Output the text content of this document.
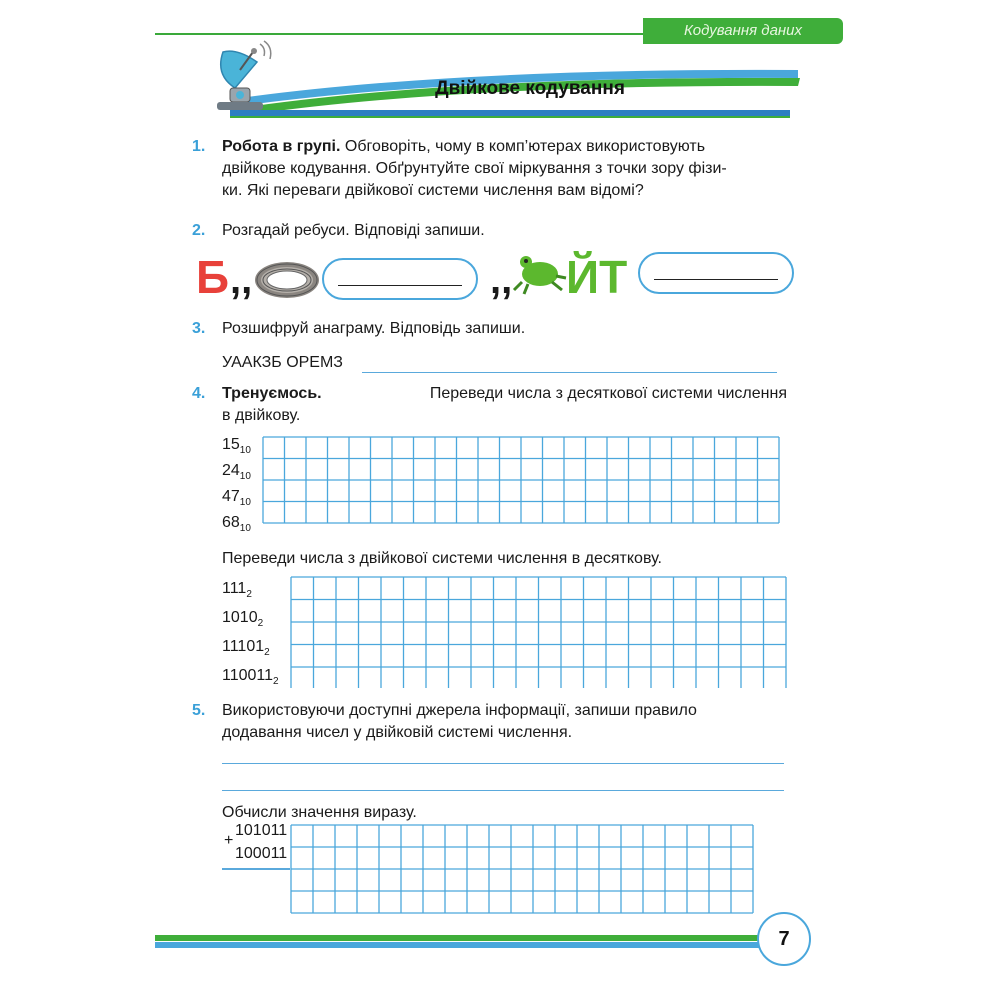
Кодування даних
Двійкове кодування
1. Робота в групі. Обговоріть, чому в комп’ютерах використовують
двійкове кодування. Обґрунтуйте свої міркування з точки зору фізи-
ки. Які переваги двійкової системи числення вам відомі?
2. Розгадай ребуси. Відповіді запиши.
Б ,,	,, ЙТ
3. Розшифруй анаграму. Відповідь запиши.
УААКЗБ ОРЕМЗ
4. Тренуємось.	Переведи числа з десяткової системи числення
в двійкову.
$15_{10}$
$24_{10}$
$47_{10}$
$68_{10}$
Переведи числа з двійкової системи числення в десяткову.
$111_2$
$1010_2$
$11101_2$
$110011_2$
5. Використовуючи доступні джерела інформації, запиши правило
додавання чисел у двійковій системі числення.
Обчисли значення виразу.
+
101011
100011
7
